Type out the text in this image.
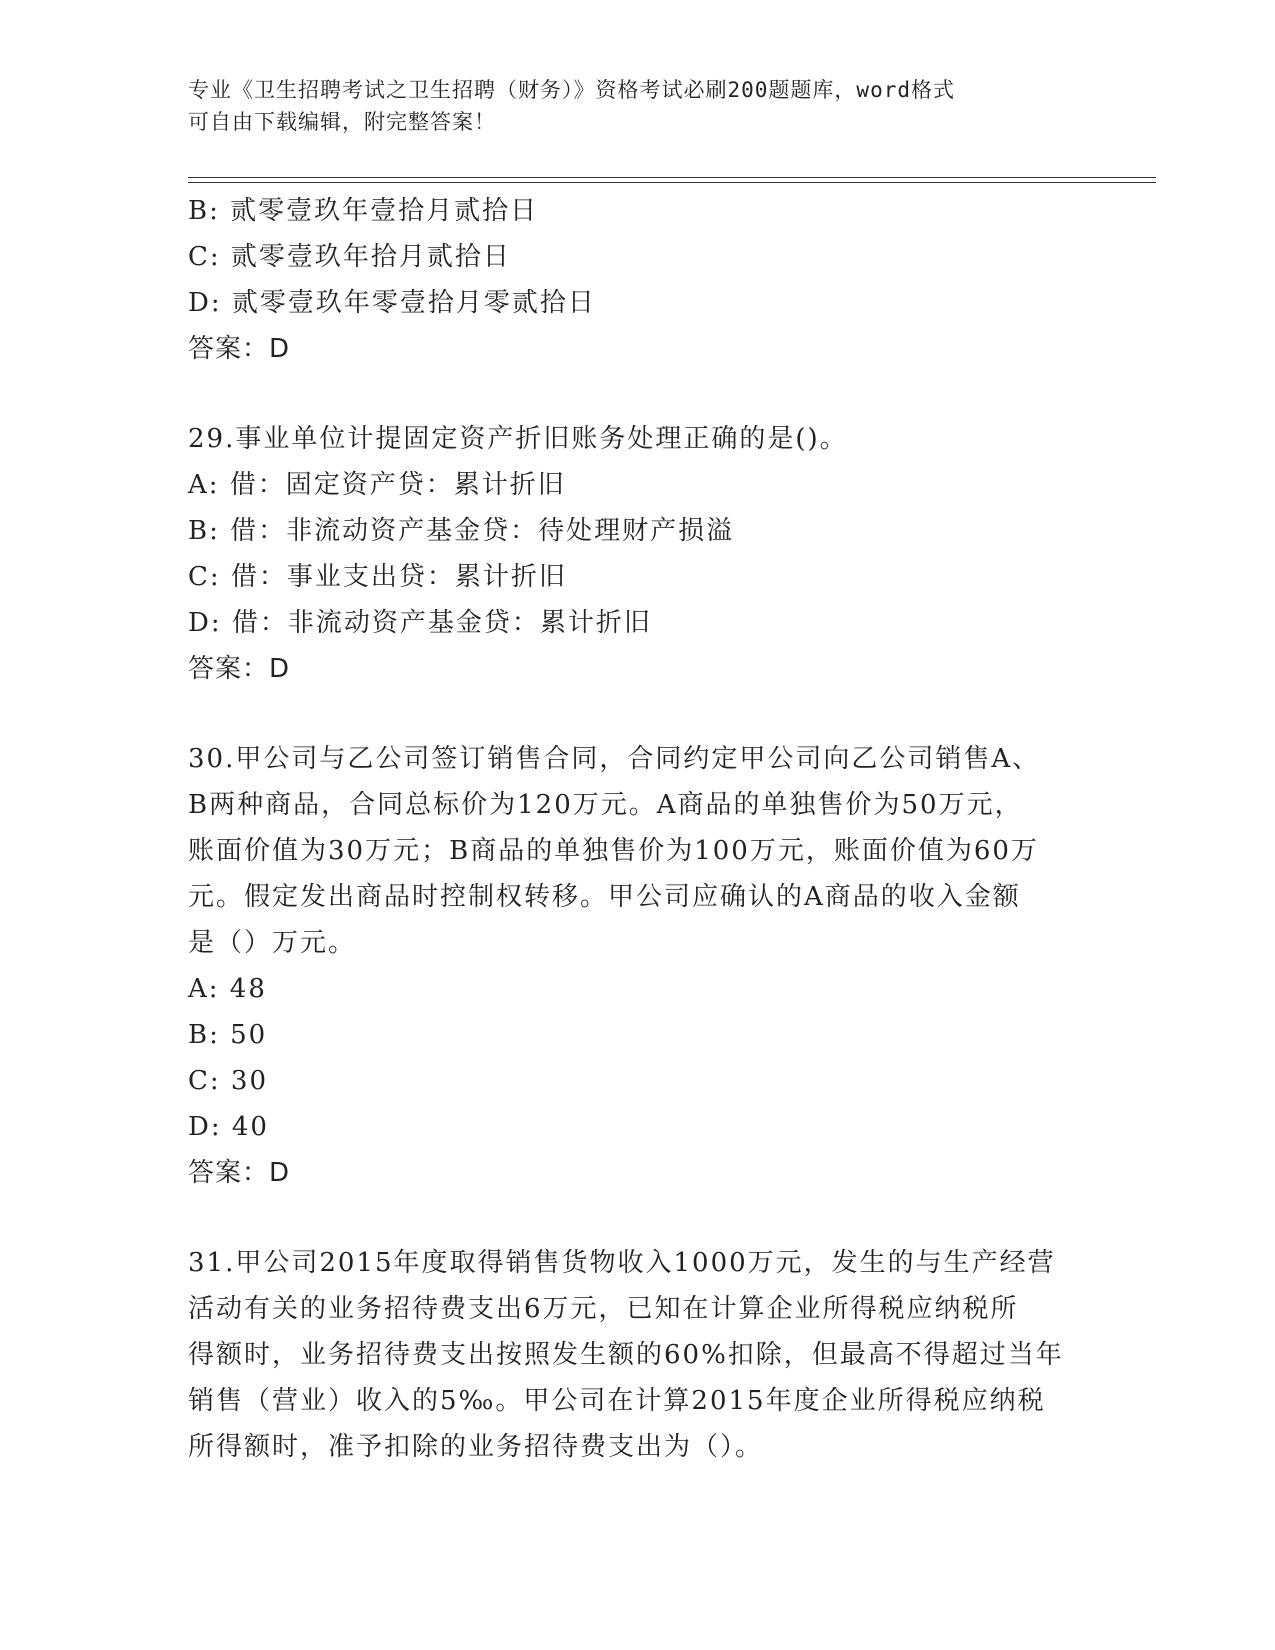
专业《卫生招聘考试之卫生招聘（财务）》资格考试必刷200题题库，word格式
可自由下载编辑，附完整答案！
B: 贰零壹玖年壹拾月贰拾日
C: 贰零壹玖年拾月贰拾日
D: 贰零壹玖年零壹拾月零贰拾日
答案：D
29.事业单位计提固定资产折旧账务处理正确的是()。
A: 借：固定资产贷：累计折旧
B: 借：非流动资产基金贷：待处理财产损溢
C: 借：事业支出贷：累计折旧
D: 借：非流动资产基金贷：累计折旧
答案：D
30.甲公司与乙公司签订销售合同，合同约定甲公司向乙公司销售A、
B两种商品，合同总标价为120万元。A商品的单独售价为50万元，
账面价值为30万元；B商品的单独售价为100万元，账面价值为60万
元。假定发出商品时控制权转移。甲公司应确认的A商品的收入金额
是（）万元。
A: 48
B: 50
C: 30
D: 40
答案：D
31.甲公司2015年度取得销售货物收入1000万元，发生的与生产经营
活动有关的业务招待费支出6万元，已知在计算企业所得税应纳税所
得额时，业务招待费支出按照发生额的60%扣除，但最高不得超过当年
销售（营业）收入的5‰。甲公司在计算2015年度企业所得税应纳税
所得额时，准予扣除的业务招待费支出为（）。
